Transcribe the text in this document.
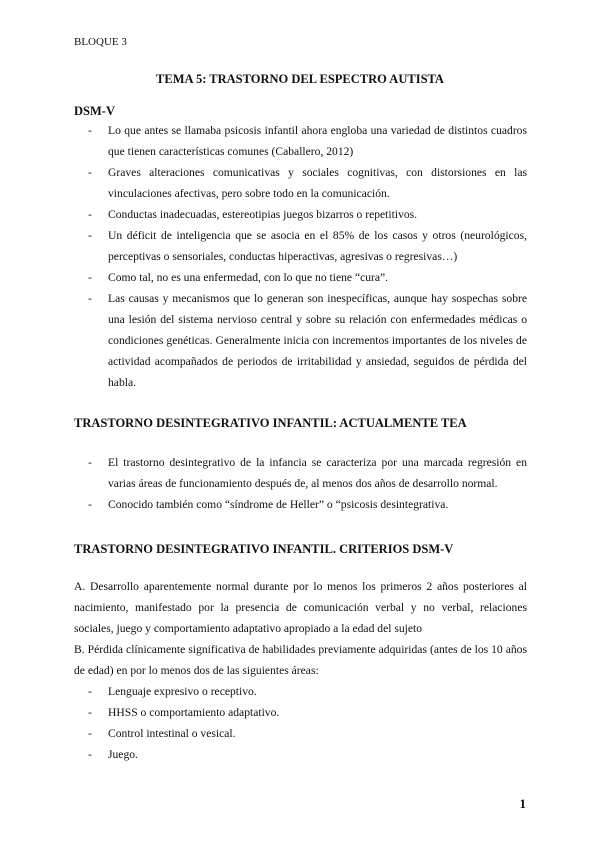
BLOQUE 3
TEMA 5: TRASTORNO DEL ESPECTRO AUTISTA
DSM-V
- Lo que antes se llamaba psicosis infantil ahora engloba una variedad de distintos cuadros que tienen características comunes (Caballero, 2012)
- Graves alteraciones comunicativas y sociales cognitivas, con distorsiones en las vinculaciones afectivas, pero sobre todo en la comunicación.
- Conductas inadecuadas, estereotipias juegos bizarros o repetitivos.
- Un déficit de inteligencia que se asocia en el 85% de los casos y otros (neurológicos, perceptivas o sensoriales, conductas hiperactivas, agresivas o regresivas…)
- Como tal, no es una enfermedad, con lo que no tiene “cura”.
- Las causas y mecanismos que lo generan son inespecíficas, aunque hay sospechas sobre una lesión del sistema nervioso central y sobre su relación con enfermedades médicas o condiciones genéticas. Generalmente inicia con incrementos importantes de los niveles de actividad acompañados de periodos de irritabilidad y ansiedad, seguidos de pérdida del habla.
TRASTORNO DESINTEGRATIVO INFANTIL: ACTUALMENTE TEA
- El trastorno desintegrativo de la infancia se caracteriza por una marcada regresión en varias áreas de funcionamiento después de, al menos dos años de desarrollo normal.
- Conocido también como “síndrome de Heller” o “psicosis desintegrativa.
TRASTORNO DESINTEGRATIVO INFANTIL. CRITERIOS DSM-V
A. Desarrollo aparentemente normal durante por lo menos los primeros 2 años posteriores al nacimiento, manifestado por la presencia de comunicación verbal y no verbal, relaciones sociales, juego y comportamiento adaptativo apropiado a la edad del sujeto
B. Pérdida clínicamente significativa de habilidades previamente adquiridas (antes de los 10 años de edad) en por lo menos dos de las siguientes áreas:
- Lenguaje expresivo o receptivo.
- HHSS o comportamiento adaptativo.
- Control intestinal o vesical.
- Juego.
1
